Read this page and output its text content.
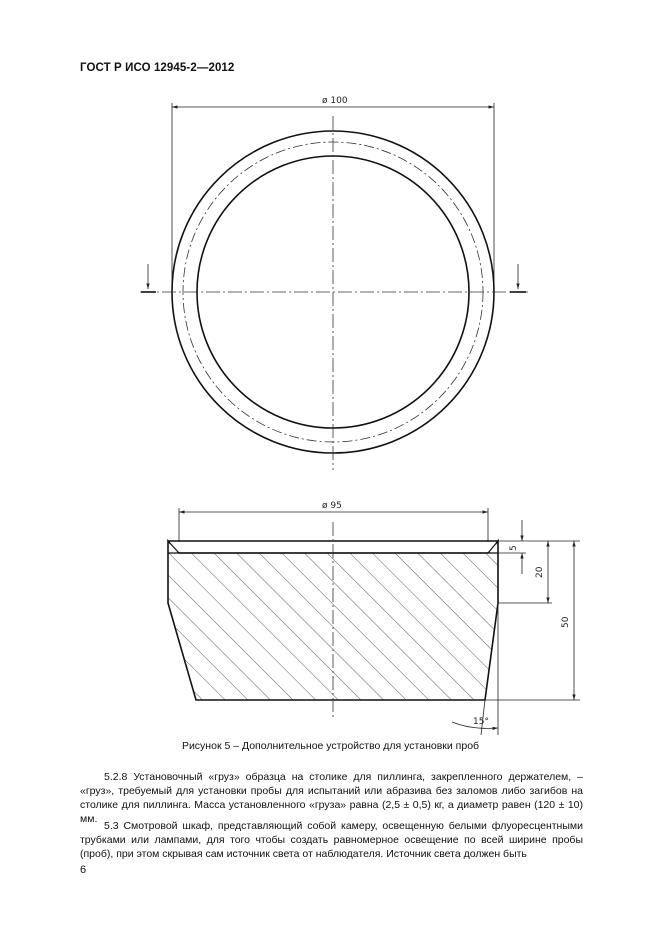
ГОСТ Р ИСО 12945-2—2012
ø 100
ø 95
5
20
50
15°
Рисунок 5 – Дополнительное устройство для установки проб
5.2.8 Установочный «груз» образца на столике для пиллинга, закрепленного держателем, – «груз», требуемый для установки пробы для испытаний или абразива без заломов либо загибов на столике для пиллинга. Масса установленного «груза» равна (2,5 ± 0,5) кг, а диаметр равен (120 ± 10) мм.
5.3 Смотровой шкаф, представляющий собой камеру, освещенную белыми флуоресцентными трубками или лампами, для того чтобы создать равномерное освещение по всей ширине пробы (проб), при этом скрывая сам источник света от наблюдателя. Источник света должен быть
6
